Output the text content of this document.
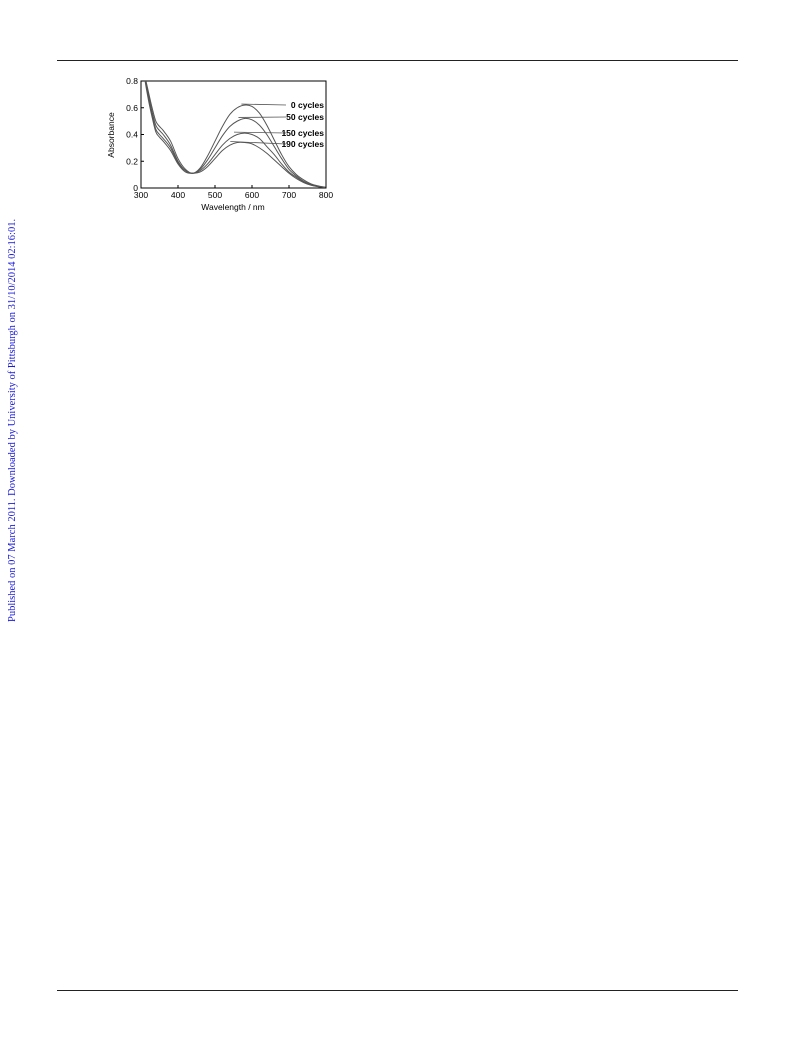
Published on 07 March 2011. Downloaded by University of Pittsburgh on 31/10/2014 02:16:01.
300	400	500	600	700	800
0
0.2
0.4
0.6
0.8
0 cycles
50 cycles
150 cycles
190 cycles
Wavelength / nm
Absorbance
